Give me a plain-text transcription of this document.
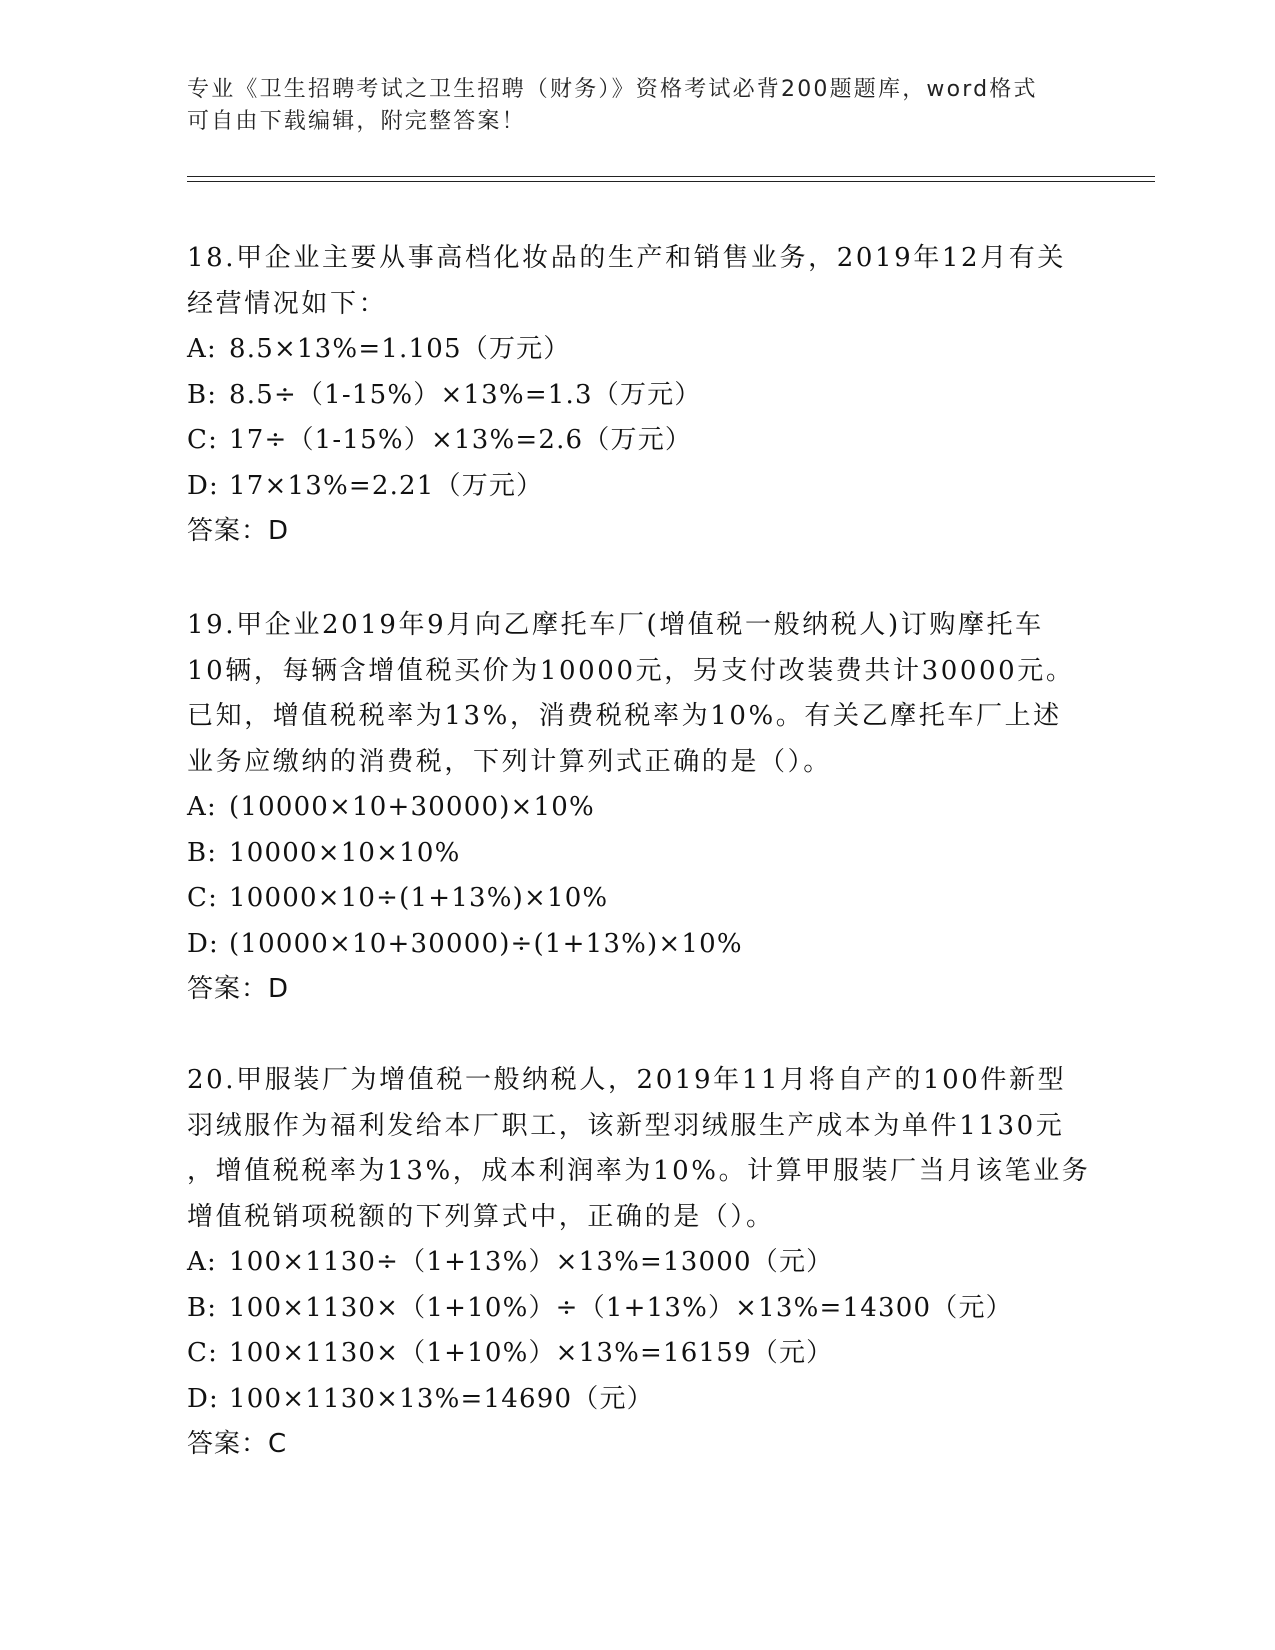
专业《卫生招聘考试之卫生招聘（财务）》资格考试必背200题题库，word格式
可自由下载编辑，附完整答案！

18.甲企业主要从事高档化妆品的生产和销售业务，2019年12月有关

经营情况如下：

A: 8.5×13%=1.105（万元）

B: 8.5÷（1-15%）×13%=1.3（万元）

C: 17÷（1-15%）×13%=2.6（万元）

D: 17×13%=2.21（万元）

答案：D

19.甲企业2019年9月向乙摩托车厂(增值税一般纳税人)订购摩托车

10辆，每辆含增值税买价为10000元，另支付改装费共计30000元。

已知，增值税税率为13%，消费税税率为10%。有关乙摩托车厂上述

业务应缴纳的消费税，下列计算列式正确的是（）。

A: (10000×10+30000)×10%

B: 10000×10×10%

C: 10000×10÷(1+13%)×10%

D: (10000×10+30000)÷(1+13%)×10%

答案：D

20.甲服装厂为增值税一般纳税人，2019年11月将自产的100件新型

羽绒服作为福利发给本厂职工，该新型羽绒服生产成本为单件1130元

，增值税税率为13%，成本利润率为10%。计算甲服装厂当月该笔业务

增值税销项税额的下列算式中，正确的是（）。

A: 100×1130÷（1+13%）×13%=13000（元）

B: 100×1130×（1+10%）÷（1+13%）×13%=14300（元）

C: 100×1130×（1+10%）×13%=16159（元）

D: 100×1130×13%=14690（元）

答案：C
